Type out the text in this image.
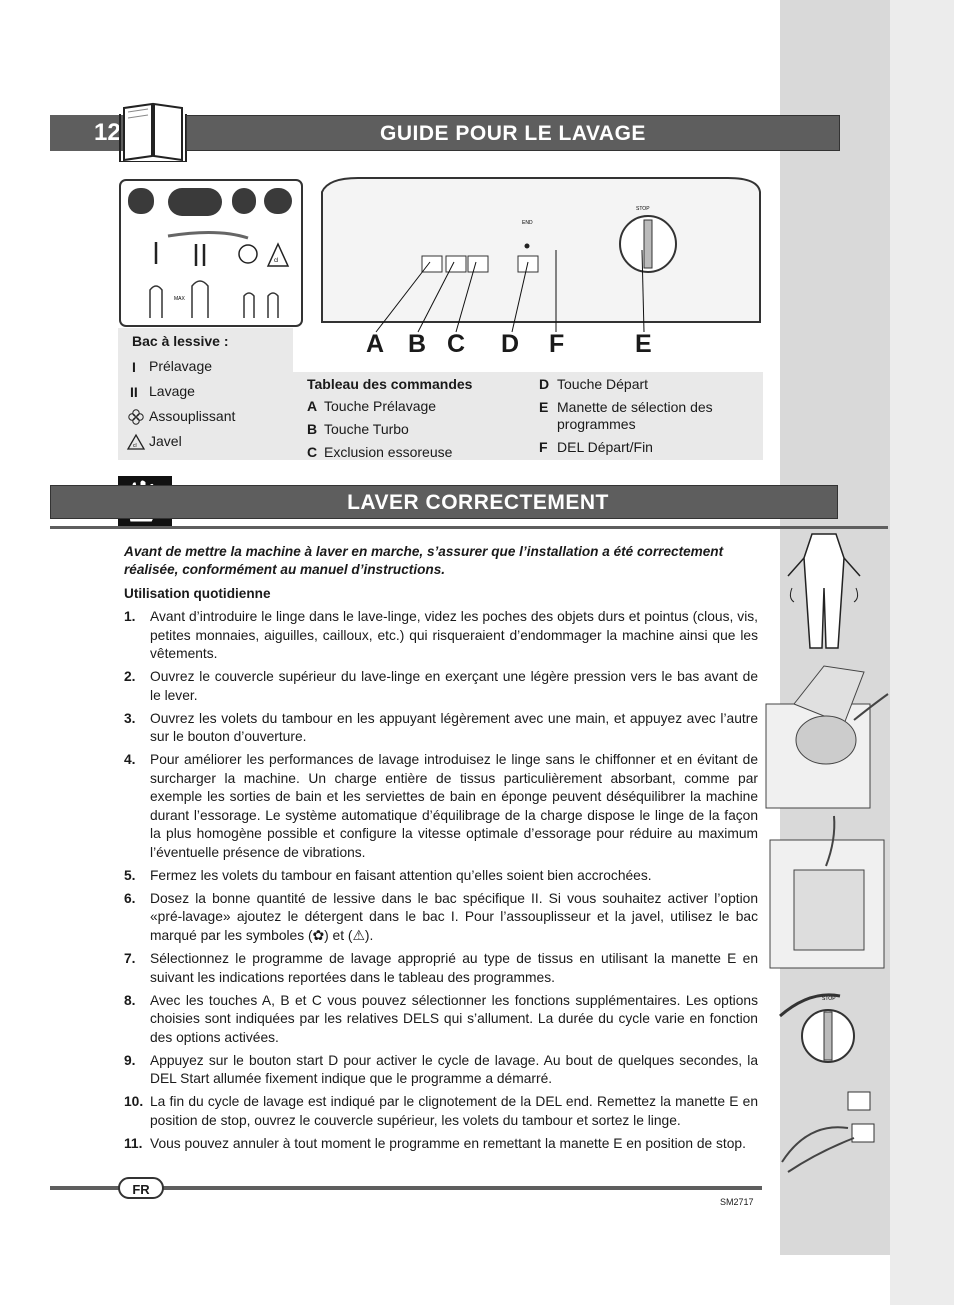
12	GUIDE POUR LE LAVAGE
cl
MAX
END
STOP
A B C D F	E
Bac à lessive :
I Prélavage
II Lavage
Assouplissant
cl Javel
Tableau des commandes
A Touche Prélavage
B Touche Turbo
C Exclusion essoreuse
D Touche Départ
E Manette de sélection des programmes
F DEL Départ/Fin
LAVER CORRECTEMENT
Avant de mettre la machine à laver en marche, s’assurer que l’installation a été correctement réalisée, conformément au manuel d’instructions.
Utilisation quotidienne
1. Avant d’introduire le linge dans le lave-linge, videz les poches des objets durs et pointus (clous, vis, petites monnaies, aiguilles, cailloux, etc.) qui risqueraient d’endommager la machine ainsi que les vêtements.
2. Ouvrez le couvercle supérieur du lave-linge en exerçant une légère pression vers le bas avant de le lever.
3. Ouvrez les volets du tambour en les appuyant légèrement avec une main, et appuyez avec l’autre sur le bouton d’ouverture.
4. Pour améliorer les performances de lavage introduisez le linge sans le chiffonner et en évitant de surcharger la machine. Un charge entière de tissus particulièrement absorbant, comme par exemple les sorties de bain et les serviettes de bain en éponge peuvent déséquilibrer la machine durant l’essorage. Le système automatique d’équilibrage de la charge dispose le linge de la façon la plus homogène possible et configure la vitesse optimale d’essorage pour réduire au maximum l’éventuelle présence de vibrations.
5. Fermez les volets du tambour en faisant attention qu’elles soient bien accrochées.
6. Dosez la bonne quantité de lessive dans le bac spécifique II. Si vous souhaitez activer l’option «pré-lavage» ajoutez le détergent dans le bac I. Pour l’assouplisseur et la javel, utilisez le bac marqué par les symboles (✿) et (⚠).
7. Sélectionnez le programme de lavage approprié au type de tissus en utilisant la manette E en suivant les indications reportées dans le tableau des programmes.
8. Avec les touches A, B et C vous pouvez sélectionner les fonctions supplémentaires. Les options choisies sont indiquées par les relatives DELS qui s’allument. La durée du cycle varie en fonction des options activées.
9. Appuyez sur le bouton start D pour activer le cycle de lavage. Au bout de quelques secondes, la DEL Start allumée fixement indique que le programme a démarré.
10. La fin du cycle de lavage est indiqué par le clignotement de la DEL end. Remettez la manette E en position de stop, ouvrez le couvercle supérieur, les volets du tambour et sortez le linge.
11. Vous pouvez annuler à tout moment le programme en remettant la manette E en position de stop.
STOP
FR
SM2717
